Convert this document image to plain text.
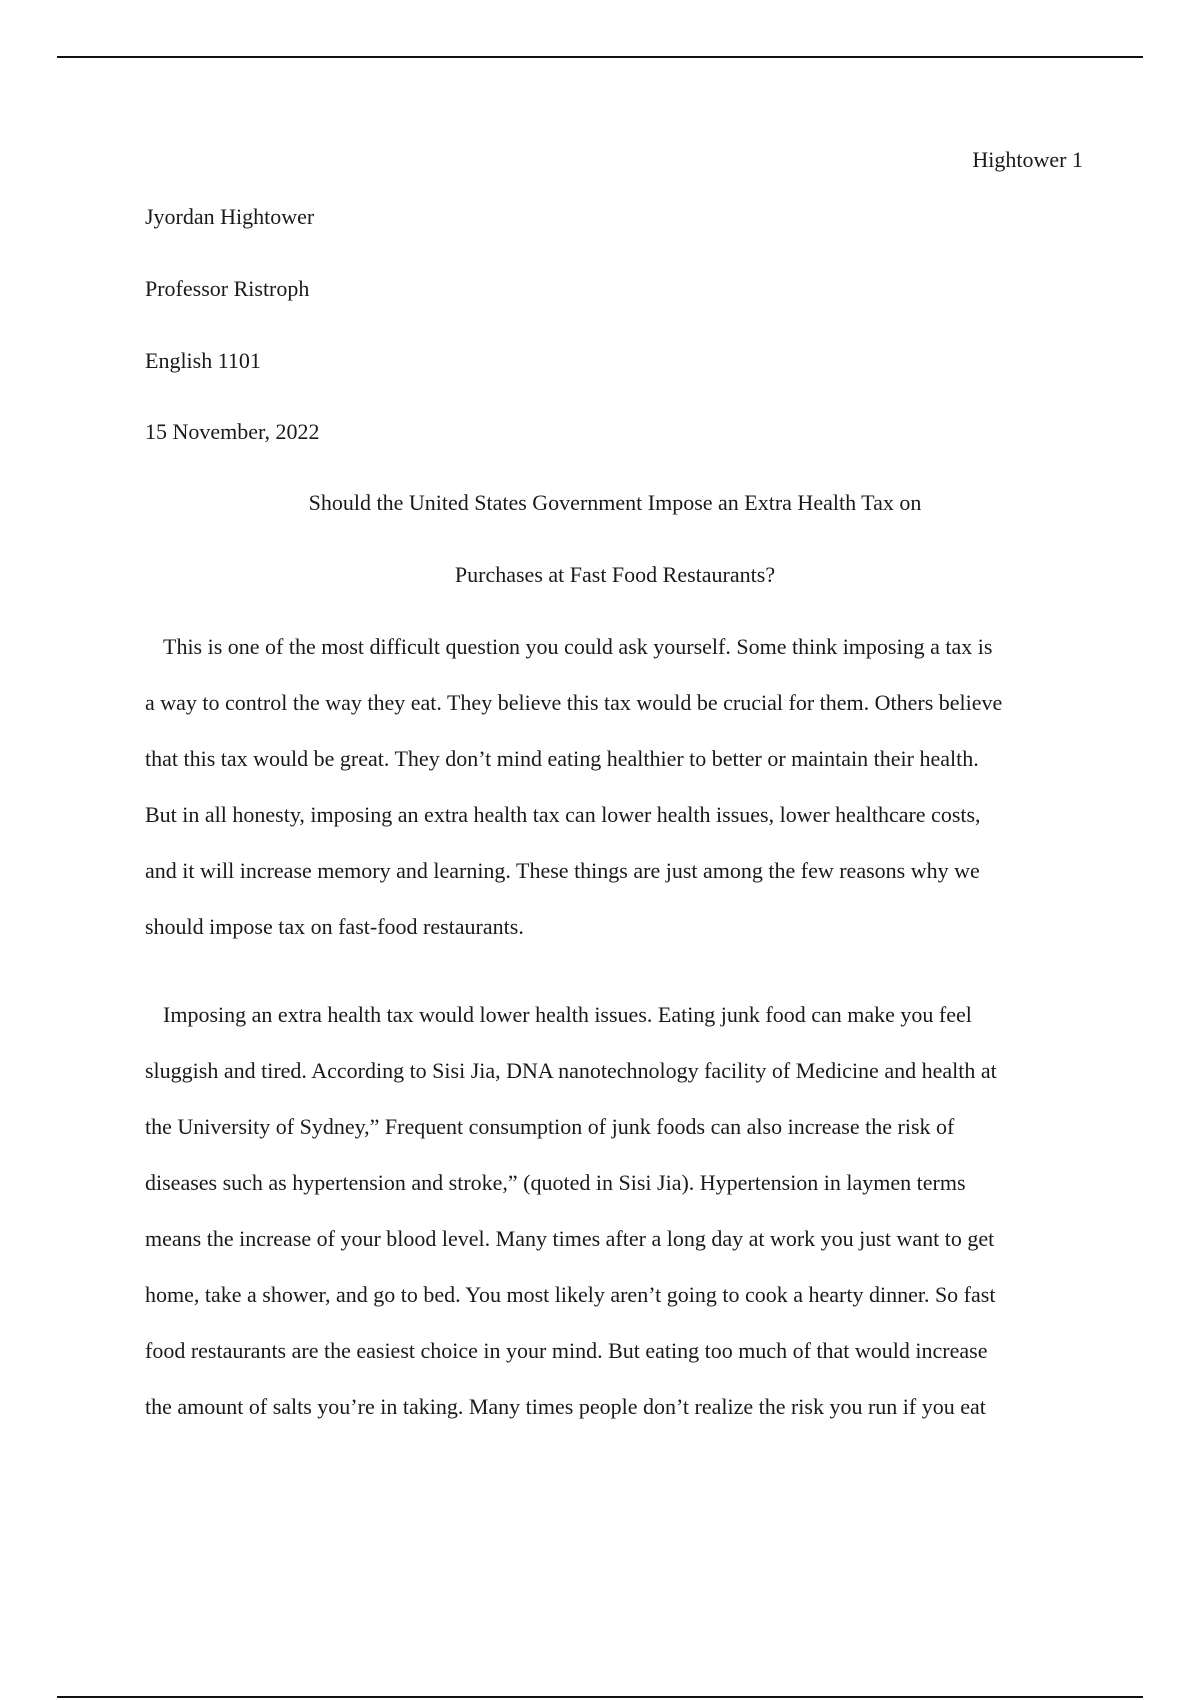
Hightower 1
Jyordan Hightower
Professor Ristroph
English 1101
15 November, 2022
Should the United States Government Impose an Extra Health Tax on
Purchases at Fast Food Restaurants?

This is one of the most difficult question you could ask yourself. Some think imposing a tax is
a way to control the way they eat. They believe this tax would be crucial for them. Others believe
that this tax would be great. They don’t mind eating healthier to better or maintain their health.
But in all honesty, imposing an extra health tax can lower health issues, lower healthcare costs,
and it will increase memory and learning. These things are just among the few reasons why we
should impose tax on fast-food restaurants.

Imposing an extra health tax would lower health issues. Eating junk food can make you feel
sluggish and tired. According to Sisi Jia, DNA nanotechnology facility of Medicine and health at
the University of Sydney,” Frequent consumption of junk foods can also increase the risk of
diseases such as hypertension and stroke,” (quoted in Sisi Jia). Hypertension in laymen terms
means the increase of your blood level. Many times after a long day at work you just want to get
home, take a shower, and go to bed. You most likely aren’t going to cook a hearty dinner. So fast
food restaurants are the easiest choice in your mind. But eating too much of that would increase
the amount of salts you’re in taking. Many times people don’t realize the risk you run if you eat
